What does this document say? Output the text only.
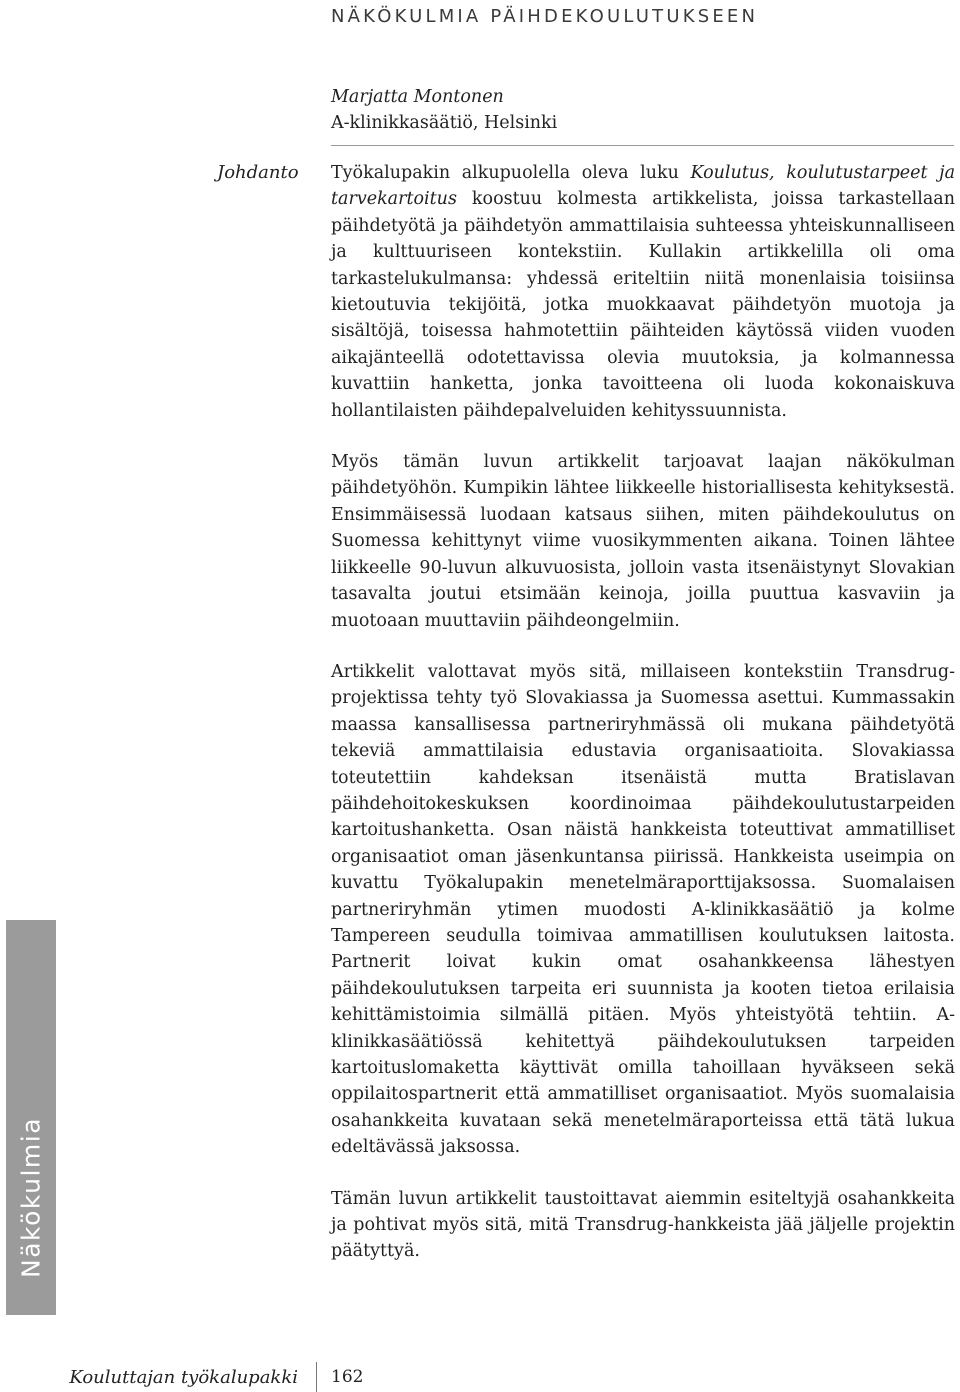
NÄKÖKULMIA PÄIHDEKOULUTUKSEEN
Marjatta Montonen
A-klinikkasäätiö, Helsinki
Johdanto Työkalupakin alkupuolella oleva luku Koulutus, koulutustarpeet ja tarvekartoitus koostuu kolmesta artikkelista, joissa tarkastellaan päihdetyötä ja päihdetyön ammattilaisia suhteessa yhteiskunnalliseen ja kulttuuriseen kontekstiin. Kullakin artikkelilla oli oma tarkastelukulmansa: yhdessä eriteltiin niitä monenlaisia toisiinsa kietoutuvia tekijöitä, jotka muokkaavat päihdetyön muotoja ja sisältöjä, toisessa hahmotettiin päihteiden käytössä viiden vuoden aikajänteellä odotettavissa olevia muutoksia, ja kolmannessa kuvattiin hanketta, jonka tavoitteena oli luoda kokonaiskuva hollantilaisten päihdepalveluiden kehityssuunnista.

Myös tämän luvun artikkelit tarjoavat laajan näkökulman päihdetyöhön. Kumpikin lähtee liikkeelle historiallisesta kehityksestä. Ensimmäisessä luodaan katsaus siihen, miten päihdekoulutus on Suomessa kehittynyt viime vuosikymmenten aikana. Toinen lähtee liikkeelle 90-luvun alkuvuosista, jolloin vasta itsenäistynyt Slovakian tasavalta joutui etsimään keinoja, joilla puuttua kasvaviin ja muotoaan muuttaviin päihdeongelmiin.

Artikkelit valottavat myös sitä, millaiseen kontekstiin Transdrug-projektissa tehty työ Slovakiassa ja Suomessa asettui. Kummassakin maassa kansallisessa partneriryhmässä oli mukana päihdetyötä tekeviä ammattilaisia edustavia organisaatioita. Slovakiassa toteutettiin kahdeksan itsenäistä mutta Bratislavan päihdehoitokeskuksen koordinoimaa päihdekoulutustarpeiden kartoitushanketta. Osan näistä hankkeista toteuttivat ammatilliset organisaatiot oman jäsenkuntansa piirissä. Hankkeista useimpia on kuvattu Työkalupakin menetelmäraporttijaksossa. Suomalaisen partneriryhmän ytimen muodosti A-klinikkasäätiö ja kolme Tampereen seudulla toimivaa ammatillisen koulutuksen laitosta. Partnerit loivat kukin omat osahankkeensa lähestyen päihdekoulutuksen tarpeita eri suunnista ja kooten tietoa erilaisia kehittämistoimia silmällä pitäen. Myös yhteistyötä tehtiin. A-klinikkasäätiössä kehitettyä päihdekoulutuksen tarpeiden kartoituslomaketta käyttivät omilla tahoillaan hyväkseen sekä oppilaitospartnerit että ammatilliset organisaatiot. Myös suomalaisia osahankkeita kuvataan sekä menetelmäraporteissa että tätä lukua edeltävässä jaksossa.

Tämän luvun artikkelit taustoittavat aiemmin esiteltyjä osahankkeita ja pohtivat myös sitä, mitä Transdrug-hankkeista jää jäljelle projektin päätyttyä.

Näkökulmia
Kouluttajan työkalupakki 162
